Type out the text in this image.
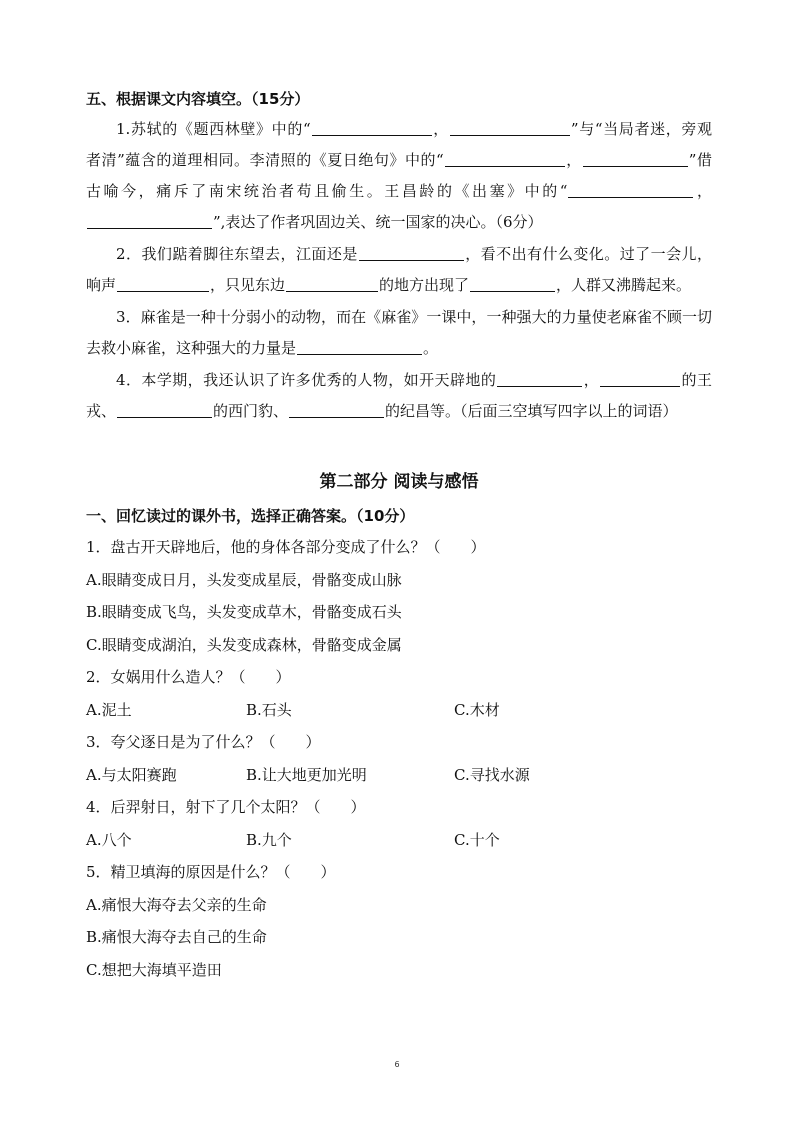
五、根据课文内容填空。（15分）

1.苏轼的《题西林壁》中的“	，	”与“当局者迷，旁观者清”蕴含的道理相同。李清照的《夏日绝句》中的“	，	”借古喻今，痛斥了南宋统治者苟且偷生。王昌龄的《出塞》中的“	，”,表达了作者巩固边关、统一国家的决心。（6分）

2．我们踮着脚往东望去，江面还是	，看不出有什么变化。过了一会儿，响声	，只见东边	的地方出现了	，人群又沸腾起来。

3．麻雀是一种十分弱小的动物，而在《麻雀》一课中，一种强大的力量使老麻雀不顾一切去救小麻雀，这种强大的力量是	。

4．本学期，我还认识了许多优秀的人物，如开天辟地的	，	的王戎、	的西门豹、	的纪昌等。（后面三空填写四字以上的词语）

第二部分 阅读与感悟

一、回忆读过的课外书，选择正确答案。（10分）

1．盘古开天辟地后，他的身体各部分变成了什么？（　　）

A.眼睛变成日月，头发变成星辰，骨骼变成山脉

B.眼睛变成飞鸟，头发变成草木，骨骼变成石头

C.眼睛变成湖泊，头发变成森林，骨骼变成金属

2．女娲用什么造人？（　　）

A.泥土	B.石头	C.木材

3．夸父逐日是为了什么？（　　）

A.与太阳赛跑	B.让大地更加光明	C.寻找水源

4．后羿射日，射下了几个太阳？（　　）

A.八个	B.九个	C.十个

5．精卫填海的原因是什么？（　　）

A.痛恨大海夺去父亲的生命

B.痛恨大海夺去自己的生命

C.想把大海填平造田

6
